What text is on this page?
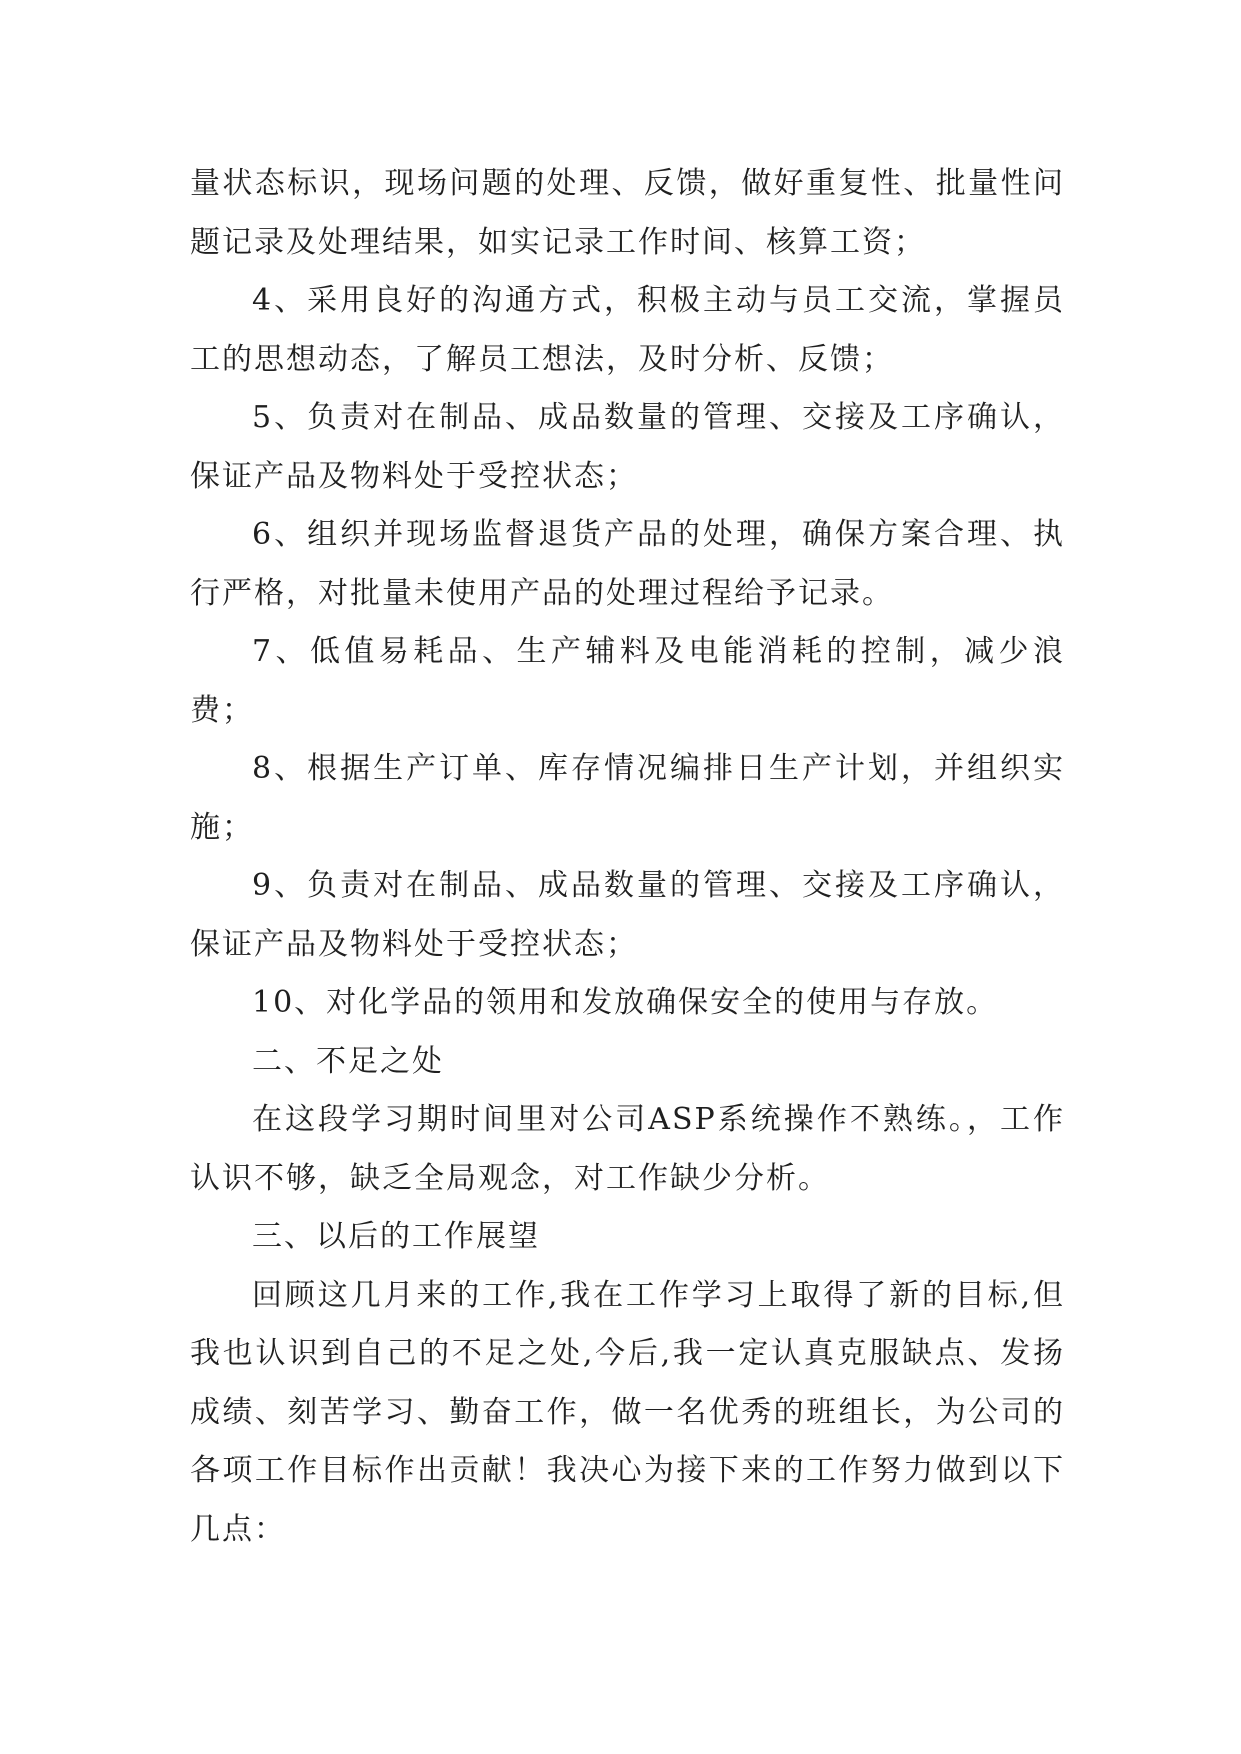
量状态标识，现场问题的处理、反馈，做好重复性、批量性问题记录及处理结果，如实记录工作时间、核算工资；

4、采用良好的沟通方式，积极主动与员工交流，掌握员工的思想动态，了解员工想法，及时分析、反馈；

5、负责对在制品、成品数量的管理、交接及工序确认，保证产品及物料处于受控状态；

6、组织并现场监督退货产品的处理，确保方案合理、执行严格，对批量未使用产品的处理过程给予记录。

7、低值易耗品、生产辅料及电能消耗的控制，减少浪费；

8、根据生产订单、库存情况编排日生产计划，并组织实施；

9、负责对在制品、成品数量的管理、交接及工序确认，保证产品及物料处于受控状态；

10、对化学品的领用和发放确保安全的使用与存放。

二、不足之处

在这段学习期时间里对公司ASP系统操作不熟练。，工作认识不够，缺乏全局观念，对工作缺少分析。

三、以后的工作展望

回顾这几月来的工作,我在工作学习上取得了新的目标,但我也认识到自己的不足之处,今后,我一定认真克服缺点、发扬成绩、刻苦学习、勤奋工作，做一名优秀的班组长，为公司的各项工作目标作出贡献！我决心为接下来的工作努力做到以下几点：
